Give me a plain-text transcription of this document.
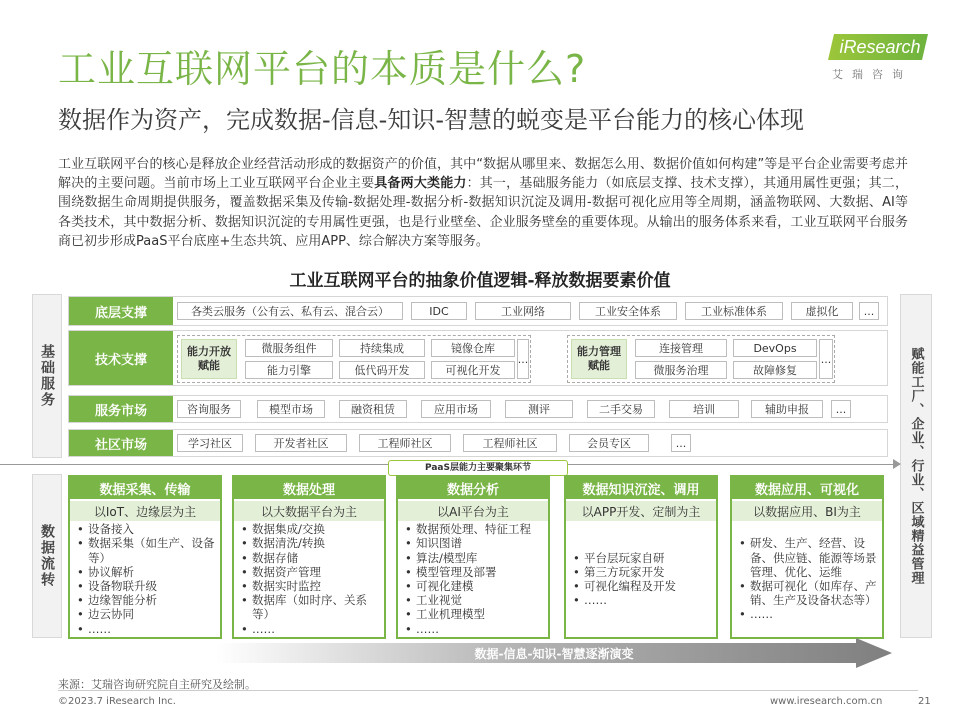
工业互联网平台的本质是什么?
数据作为资产，完成数据-信息-知识-智慧的蜕变是平台能力的核心体现
iResearch
艾瑞咨询
工业互联网平台的核心是释放企业经营活动形成的数据资产的价值，其中“数据从哪里来、数据怎么用、数据价值如何构建”等是平台企业需要考虑并解决的主要问题。当前市场上工业互联网平台企业主要具备两大类能力：其一，基础服务能力（如底层支撑、技术支撑），其通用属性更强；其二，围绕数据生命周期提供服务，覆盖数据采集及传输-数据处理-数据分析-数据知识沉淀及调用-数据可视化应用等全周期，涵盖物联网、大数据、AI等各类技术，其中数据分析、数据知识沉淀的专用属性更强，也是行业壁垒、企业服务壁垒的重要体现。从输出的服务体系来看，工业互联网平台服务商已初步形成PaaS平台底座+生态共筑、应用APP、综合解决方案等服务。
工业互联网平台的抽象价值逻辑-释放数据要素价值
基础服务
数据流转	赋能工厂、企业、行业、区域精益管理
底层支撑	各类云服务（公有云、私有云、混合云）	IDC	工业网络	工业安全体系	工业标准体系	虚拟化	...
技术支撑
能力开放赋能
微服务组件	持续集成	镜像仓库
...
能力引擎	低代码开发	可视化开发
能力管理赋能
连接管理	DevOps
...
微服务治理	故障修复
服务市场	咨询服务	模型市场	融资租赁	应用市场	测评	二手交易	培训	辅助申报	...
社区市场	学习社区	开发者社区	工程师社区	工程师社区	会员专区	...
PaaS层能力主要聚集环节
数据采集、传输
以IoT、边缘层为主
• 设备接入
• 数据采集（如生产、设备等）
• 协议解析
• 设备物联升级
• 边缘智能分析
• 边云协同
• ……
数据处理
以大数据平台为主
• 数据集成/交换
• 数据清洗/转换
• 数据存储
• 数据资产管理
• 数据实时监控
• 数据库（如时序、关系等）
• ……
数据分析
以AI平台为主
• 数据预处理、特征工程
• 知识图谱
• 算法/模型库
• 模型管理及部署
• 可视化建模
• 工业视觉
• 工业机理模型
• ……
数据知识沉淀、调用
以APP开发、定制为主
• 平台层玩家自研
• 第三方玩家开发
• 可视化编程及开发
• ……
数据应用、可视化
以数据应用、BI为主
• 研发、生产、经营、设备、供应链、能源等场景管理、优化、运维
• 数据可视化（如库存、产销、生产及设备状态等）
• ……
数据-信息-知识-智慧逐渐演变
来源：艾瑞咨询研究院自主研究及绘制。
©2023.7 iResearch Inc.	www.iresearch.com.cn	21
